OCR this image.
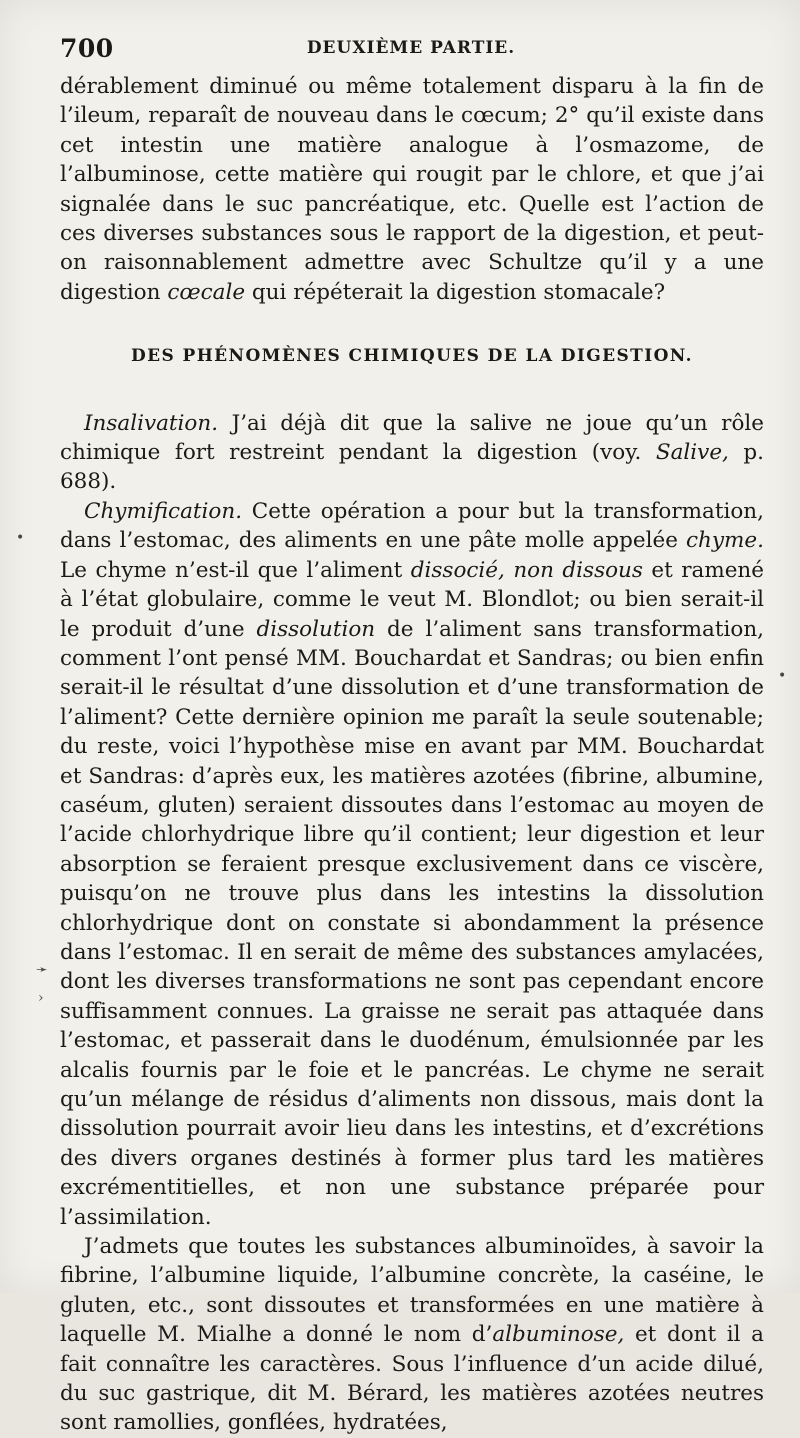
700	DEUXIÈME PARTIE.

dérablement diminué ou même totalement disparu à la fin de l’ileum, reparaît de nouveau dans le cœcum; 2° qu’il existe dans cet intestin une matière analogue à l’osmazome, de l’albuminose, cette matière qui rougit par le chlore, et que j’ai signalée dans le suc pancréatique, etc. Quelle est l’action de ces diverses substances sous le rapport de la digestion, et peut-on raisonnablement admettre avec Schultze qu’il y a une digestion cœcale qui répéterait la digestion stomacale?

DES PHÉNOMÈNES CHIMIQUES DE LA DIGESTION.

Insalivation. J’ai déjà dit que la salive ne joue qu’un rôle chimique fort restreint pendant la digestion (voy. Salive, p. 688).

Chymification. Cette opération a pour but la transformation, dans l’estomac, des aliments en une pâte molle appelée chyme. Le chyme n’est-il que l’aliment dissocié, non dissous et ramené à l’état globulaire, comme le veut M. Blondlot; ou bien serait-il le produit d’une dissolution de l’aliment sans transformation, comment l’ont pensé MM. Bouchardat et Sandras; ou bien enfin serait-il le résultat d’une dissolution et d’une transformation de l’aliment? Cette dernière opinion me paraît la seule soutenable; du reste, voici l’hypothèse mise en avant par MM. Bouchardat et Sandras: d’après eux, les matières azotées (fibrine, albumine, caséum, gluten) seraient dissoutes dans l’estomac au moyen de l’acide chlorhydrique libre qu’il contient; leur digestion et leur absorption se feraient presque exclusivement dans ce viscère, puisqu’on ne trouve plus dans les intestins la dissolution chlorhydrique dont on constate si abondamment la présence dans l’estomac. Il en serait de même des substances amylacées, dont les diverses transformations ne sont pas cependant encore suffisamment connues. La graisse ne serait pas attaquée dans l’estomac, et passerait dans le duodénum, émulsionnée par les alcalis fournis par le foie et le pancréas. Le chyme ne serait qu’un mélange de résidus d’aliments non dissous, mais dont la dissolution pourrait avoir lieu dans les intestins, et d’excrétions des divers organes destinés à former plus tard les matières excrémentitielles, et non une substance préparée pour l’assimilation.

J’admets que toutes les substances albuminoïdes, à savoir la fibrine, l’albumine liquide, l’albumine concrète, la caséine, le gluten, etc., sont dissoutes et transformées en une matière à laquelle M. Mialhe a donné le nom d’albuminose, et dont il a fait connaître les caractères. Sous l’influence d’un acide dilué, du suc gastrique, dit M. Bérard, les matières azotées neutres sont ramollies, gonflées, hydratées,

•
•
➛
›
